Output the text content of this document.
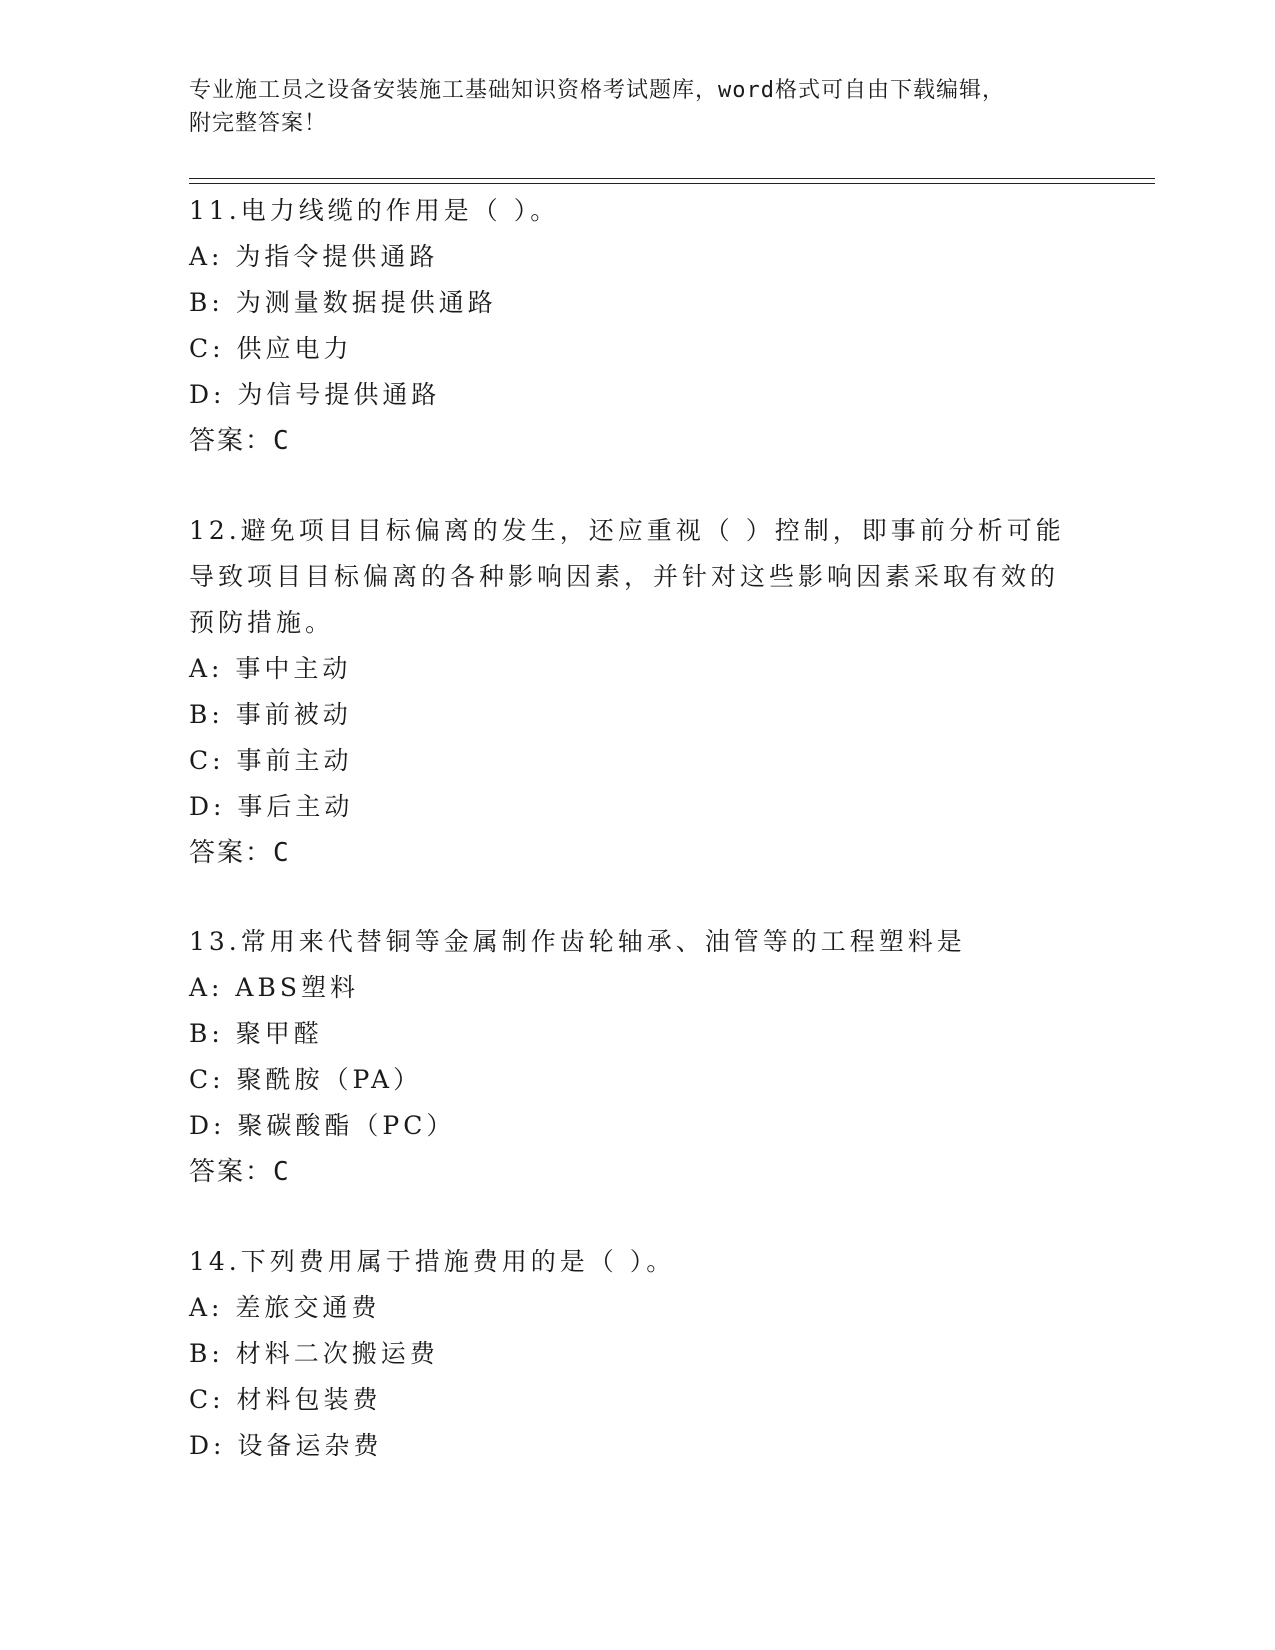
专业施工员之设备安装施工基础知识资格考试题库，word格式可自由下载编辑，
附完整答案！
11.电力线缆的作用是（ ）。
A: 为指令提供通路
B: 为测量数据提供通路
C: 供应电力
D: 为信号提供通路
答案：C
12.避免项目目标偏离的发生，还应重视（ ）控制，即事前分析可能
导致项目目标偏离的各种影响因素，并针对这些影响因素采取有效的
预防措施。
A: 事中主动
B: 事前被动
C: 事前主动
D: 事后主动
答案：C
13.常用来代替铜等金属制作齿轮轴承、油管等的工程塑料是
A: ABS塑料
B: 聚甲醛
C: 聚酰胺（PA）
D: 聚碳酸酯（PC）
答案：C
14.下列费用属于措施费用的是（ ）。
A: 差旅交通费
B: 材料二次搬运费
C: 材料包装费
D: 设备运杂费
